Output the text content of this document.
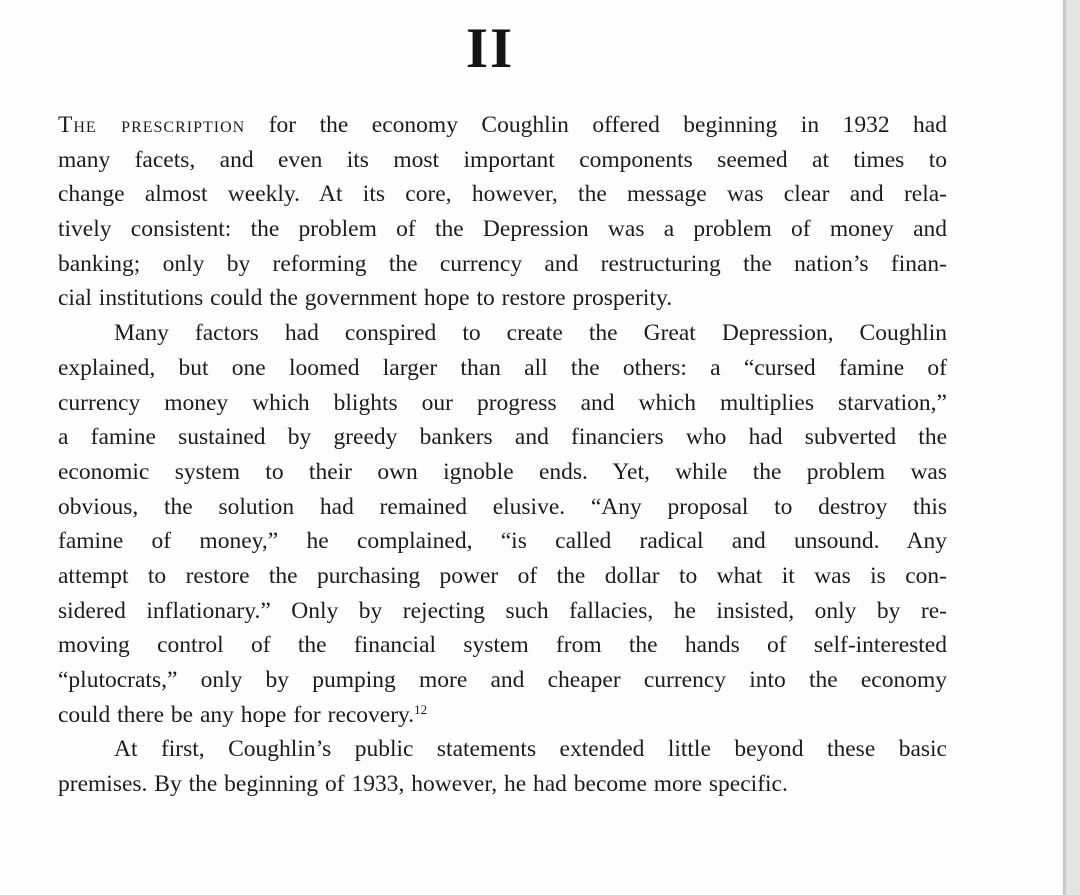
II
The prescription for the economy Coughlin offered beginning in 1932 had
many facets, and even its most important components seemed at times to
change almost weekly. At its core, however, the message was clear and rela-
tively consistent: the problem of the Depression was a problem of money and
banking; only by reforming the currency and restructuring the nation’s finan-
cial institutions could the government hope to restore prosperity.
Many factors had conspired to create the Great Depression, Coughlin
explained, but one loomed larger than all the others: a “cursed famine of
currency money which blights our progress and which multiplies starvation,”
a famine sustained by greedy bankers and financiers who had subverted the
economic system to their own ignoble ends. Yet, while the problem was
obvious, the solution had remained elusive. “Any proposal to destroy this
famine of money,” he complained, “is called radical and unsound. Any
attempt to restore the purchasing power of the dollar to what it was is con-
sidered inflationary.” Only by rejecting such fallacies, he insisted, only by re-
moving control of the financial system from the hands of self-interested
“plutocrats,” only by pumping more and cheaper currency into the economy
could there be any hope for recovery.$^{12}$
At first, Coughlin’s public statements extended little beyond these basic
premises. By the beginning of 1933, however, he had become more specific.
